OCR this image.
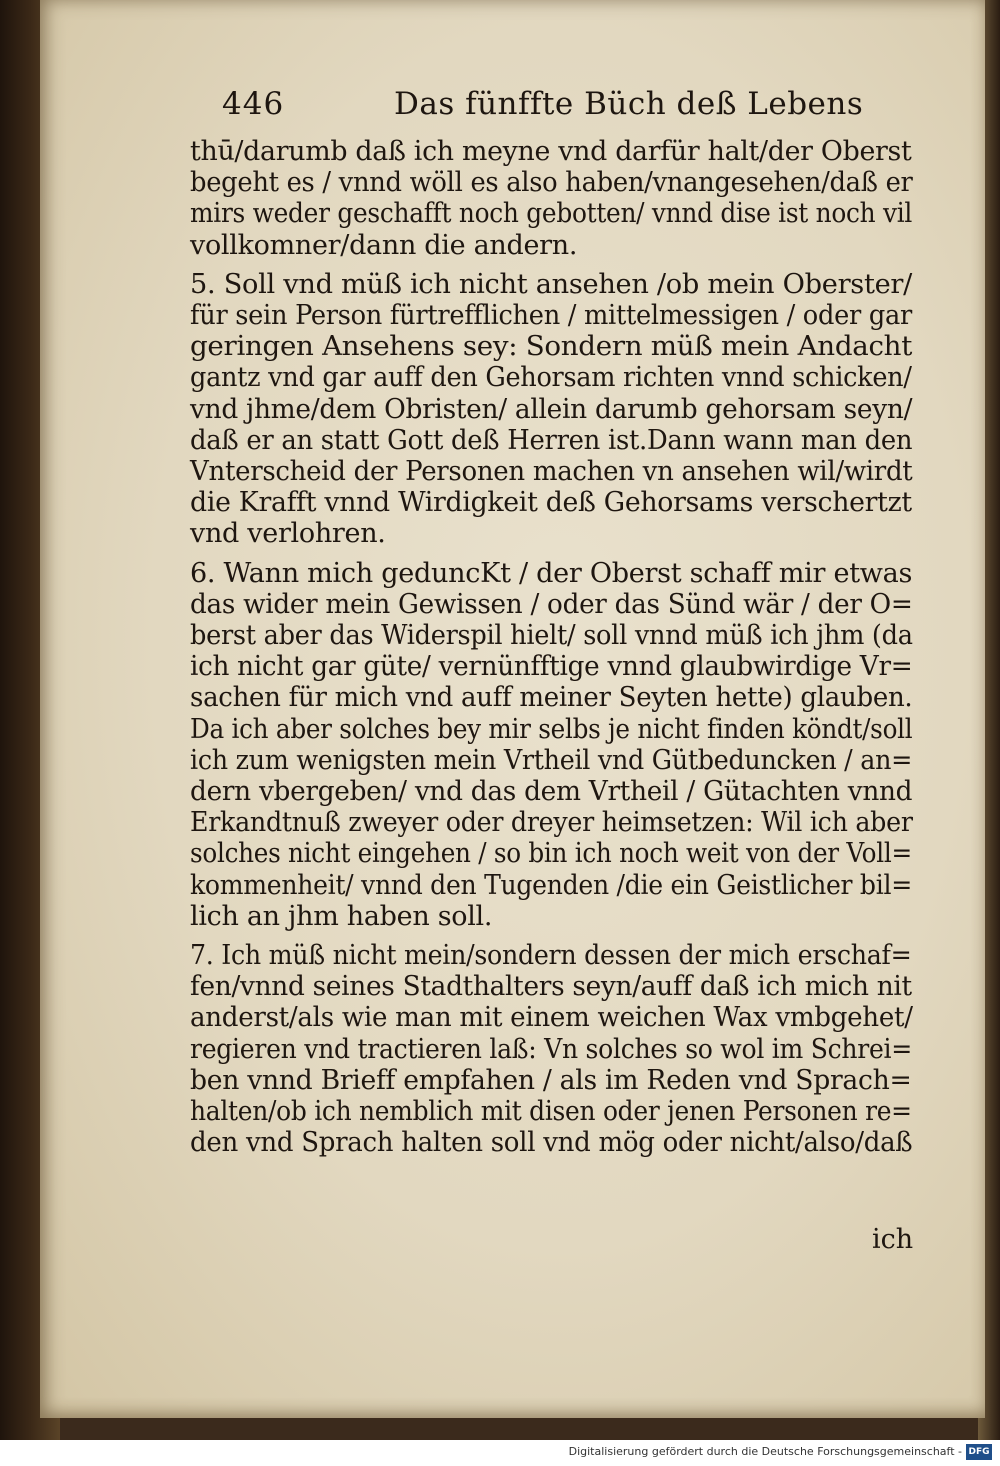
446	Das fünffte Büch deß Lebens
thū/darumb daß ich meyne vnd darfür halt/der Oberst
begeht es / vnnd wöll es also haben/vnangesehen/daß er
mirs weder geschafft noch gebotten/ vnnd dise ist noch vil
vollkomner/dann die andern.
5. Soll vnd müß ich nicht ansehen /ob mein Oberster/
für sein Person fürtrefflichen / mittelmessigen / oder gar
geringen Ansehens sey: Sondern müß mein Andacht
gantz vnd gar auff den Gehorsam richten vnnd schicken/
vnd jhme/dem Obristen/ allein darumb gehorsam seyn/
daß er an statt Gott deß Herren ist.Dann wann man den
Vnterscheid der Personen machen vn ansehen wil/wirdt
die Krafft vnnd Wirdigkeit deß Gehorsams verschertzt
vnd verlohren.
6. Wann mich geduncKt / der Oberst schaff mir etwas
das wider mein Gewissen / oder das Sünd wär / der O=
berst aber das Widerspil hielt/ soll vnnd müß ich jhm (da
ich nicht gar güte/ vernünfftige vnnd glaubwirdige Vr=
sachen für mich vnd auff meiner Seyten hette) glauben.
Da ich aber solches bey mir selbs je nicht finden köndt/soll
ich zum wenigsten mein Vrtheil vnd Gütbeduncken / an=
dern vbergeben/ vnd das dem Vrtheil / Gütachten vnnd
Erkandtnuß zweyer oder dreyer heimsetzen: Wil ich aber
solches nicht eingehen / so bin ich noch weit von der Voll=
kommenheit/ vnnd den Tugenden /die ein Geistlicher bil=
lich an jhm haben soll.
7. Ich müß nicht mein/sondern dessen der mich erschaf=
fen/vnnd seines Stadthalters seyn/auff daß ich mich nit
anderst/als wie man mit einem weichen Wax vmbgehet/
regieren vnd tractieren laß: Vn solches so wol im Schrei=
ben vnnd Brieff empfahen / als im Reden vnd Sprach=
halten/ob ich nemblich mit disen oder jenen Personen re=
den vnd Sprach halten soll vnd mög oder nicht/also/daß
ich
Digitalisierung gefördert durch die Deutsche Forschungsgemeinschaft - DFG
